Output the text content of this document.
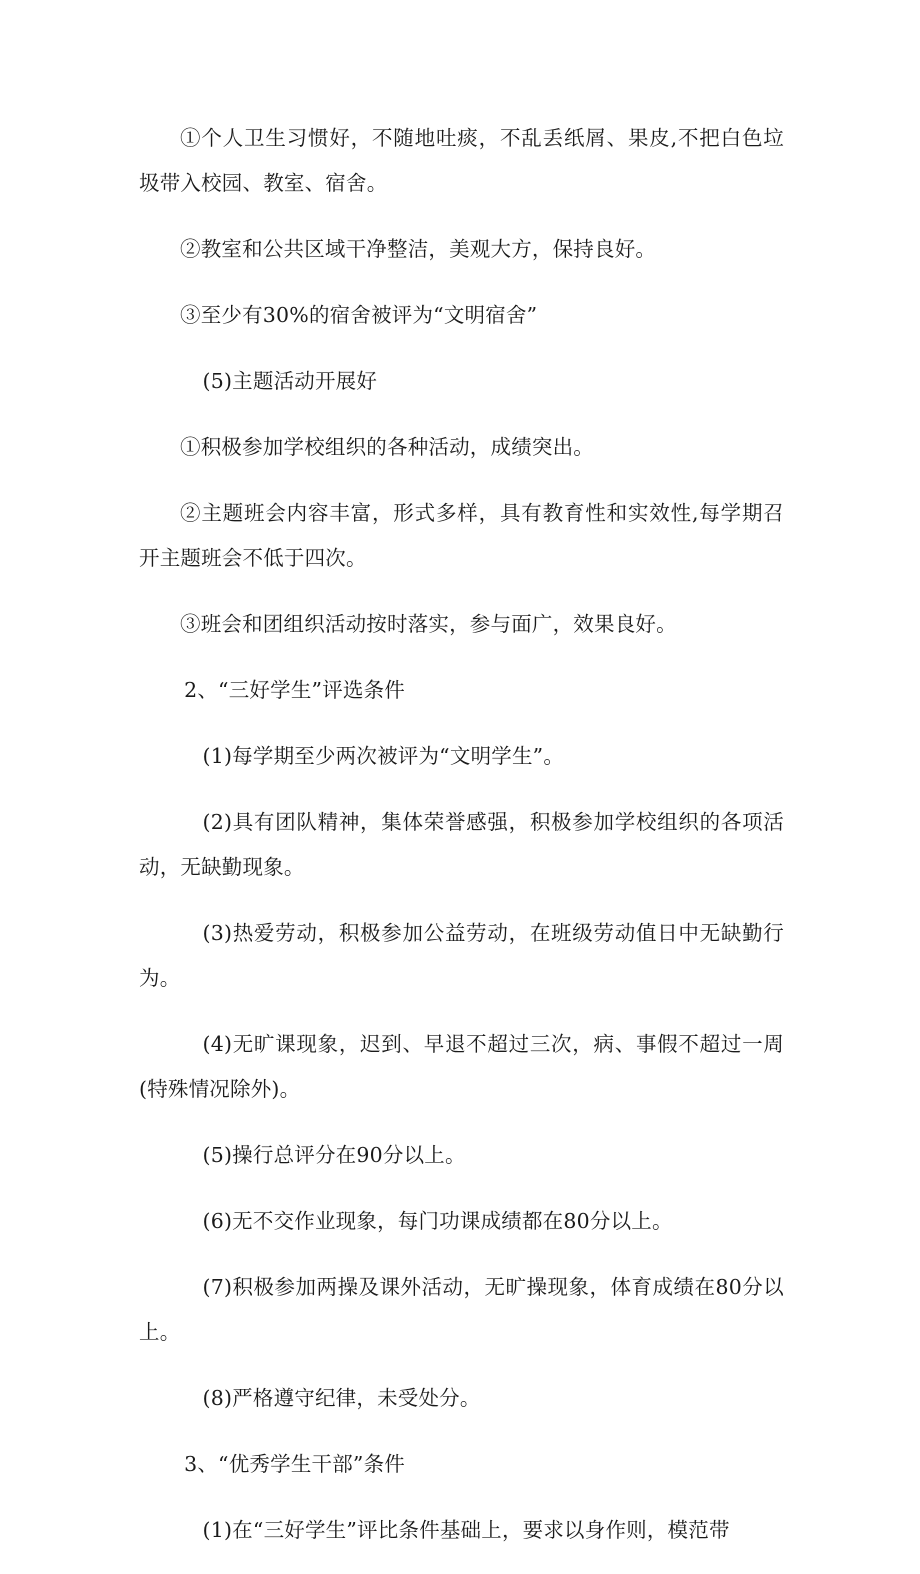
①个人卫生习惯好，不随地吐痰，不乱丢纸屑、果皮,不把白色垃圾带入校园、教室、宿舍。

②教室和公共区域干净整洁，美观大方，保持良好。

③至少有30%的宿舍被评为“文明宿舍”

(5)主题活动开展好

①积极参加学校组织的各种活动，成绩突出。

②主题班会内容丰富，形式多样，具有教育性和实效性,每学期召开主题班会不低于四次。

③班会和团组织活动按时落实，参与面广，效果良好。

2、“三好学生”评选条件

(1)每学期至少两次被评为“文明学生”。

(2)具有团队精神，集体荣誉感强，积极参加学校组织的各项活动，无缺勤现象。

(3)热爱劳动，积极参加公益劳动，在班级劳动值日中无缺勤行为。

(4)无旷课现象，迟到、早退不超过三次，病、事假不超过一周(特殊情况除外)。

(5)操行总评分在90分以上。

(6)无不交作业现象，每门功课成绩都在80分以上。

(7)积极参加两操及课外活动，无旷操现象，体育成绩在80分以上。

(8)严格遵守纪律，未受处分。

3、“优秀学生干部”条件

(1)在“三好学生”评比条件基础上，要求以身作则，模范带
